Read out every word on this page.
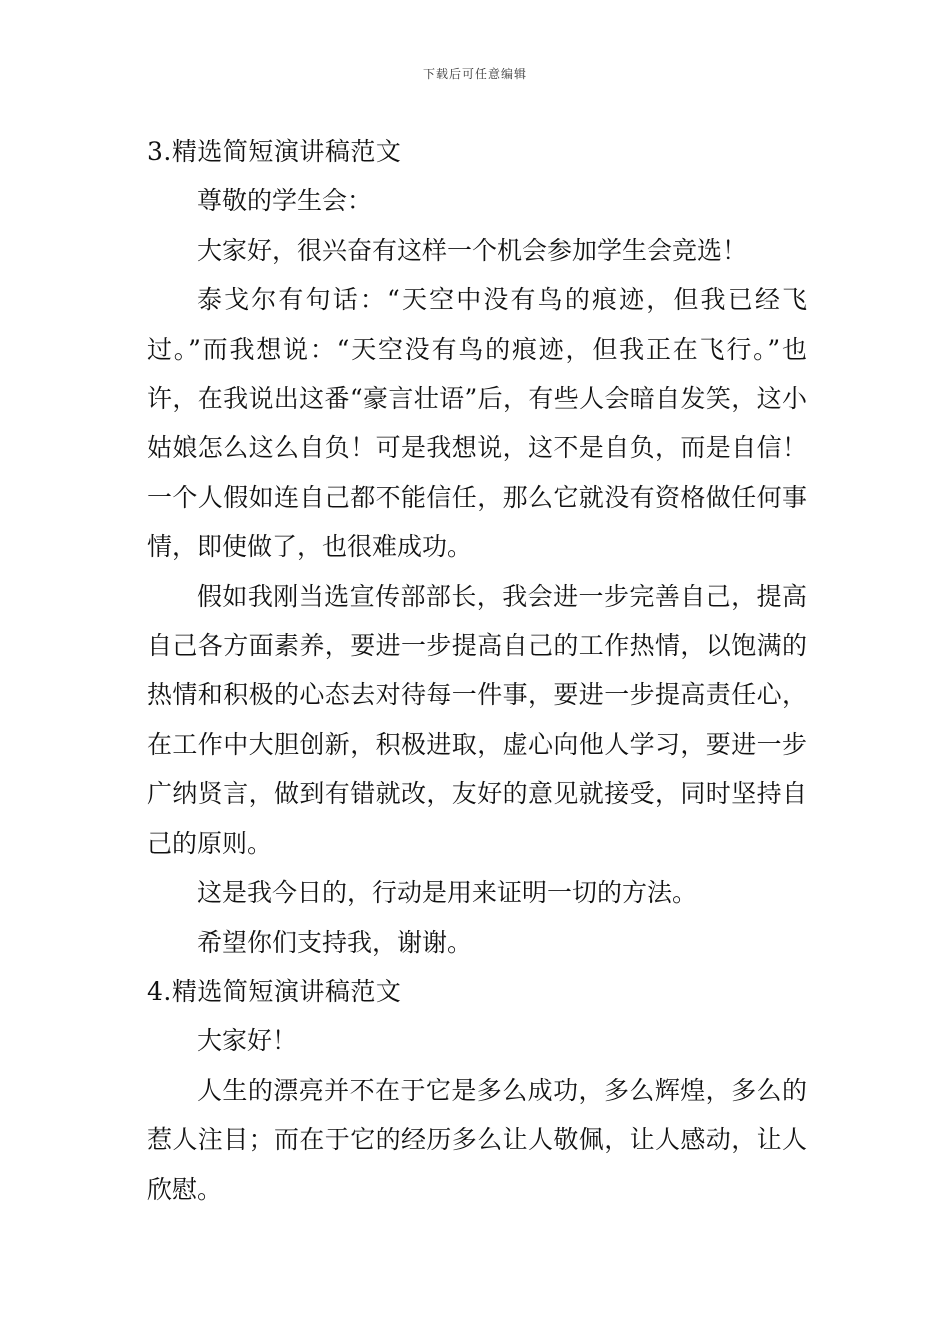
下载后可任意编辑

3.精选简短演讲稿范文

尊敬的学生会：

大家好，很兴奋有这样一个机会参加学生会竞选！

泰戈尔有句话：“天空中没有鸟的痕迹，但我已经飞过。”而我想说：“天空没有鸟的痕迹，但我正在飞行。”也许，在我说出这番“豪言壮语”后，有些人会暗自发笑，这小姑娘怎么这么自负！可是我想说，这不是自负，而是自信！一个人假如连自己都不能信任，那么它就没有资格做任何事情，即使做了，也很难成功。

假如我刚当选宣传部部长，我会进一步完善自己，提高自己各方面素养，要进一步提高自己的工作热情，以饱满的热情和积极的心态去对待每一件事，要进一步提高责任心，在工作中大胆创新，积极进取，虚心向他人学习，要进一步广纳贤言，做到有错就改，友好的意见就接受，同时坚持自己的原则。

这是我今日的，行动是用来证明一切的方法。

希望你们支持我，谢谢。

4.精选简短演讲稿范文

大家好！

人生的漂亮并不在于它是多么成功，多么辉煌，多么的惹人注目；而在于它的经历多么让人敬佩，让人感动，让人欣慰。
